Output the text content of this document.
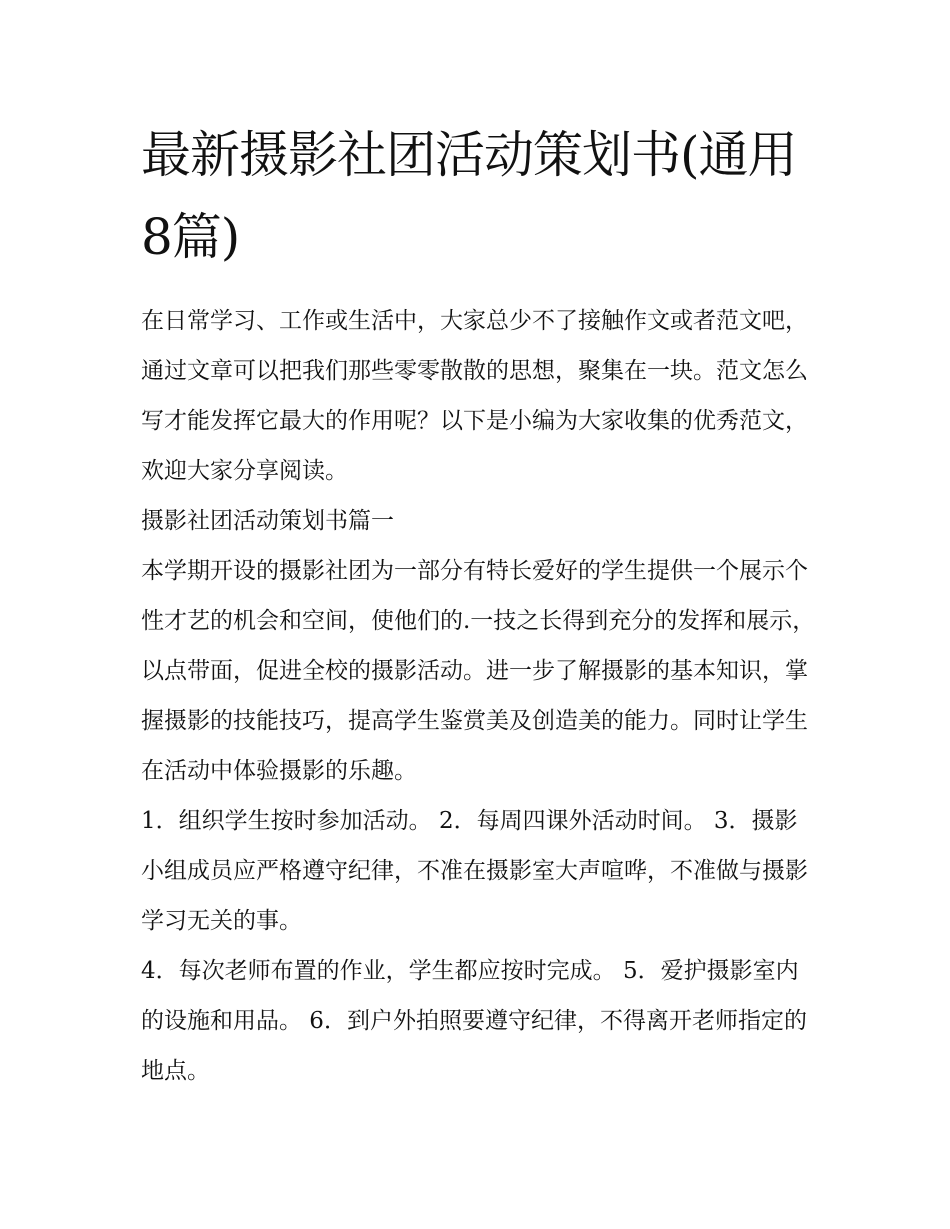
最新摄影社团活动策划书(通用8篇)

在日常学习、工作或生活中，大家总少不了接触作文或者范文吧，通过文章可以把我们那些零零散散的思想，聚集在一块。范文怎么写才能发挥它最大的作用呢？以下是小编为大家收集的优秀范文，欢迎大家分享阅读。

摄影社团活动策划书篇一

本学期开设的摄影社团为一部分有特长爱好的学生提供一个展示个性才艺的机会和空间，使他们的.一技之长得到充分的发挥和展示，以点带面，促进全校的摄影活动。进一步了解摄影的基本知识，掌握摄影的技能技巧，提高学生鉴赏美及创造美的能力。同时让学生在活动中体验摄影的乐趣。

1．组织学生按时参加活动。 2．每周四课外活动时间。 3．摄影小组成员应严格遵守纪律，不准在摄影室大声喧哗，不准做与摄影学习无关的事。

4．每次老师布置的作业，学生都应按时完成。 5．爱护摄影室内的设施和用品。 6．到户外拍照要遵守纪律，不得离开老师指定的地点。
